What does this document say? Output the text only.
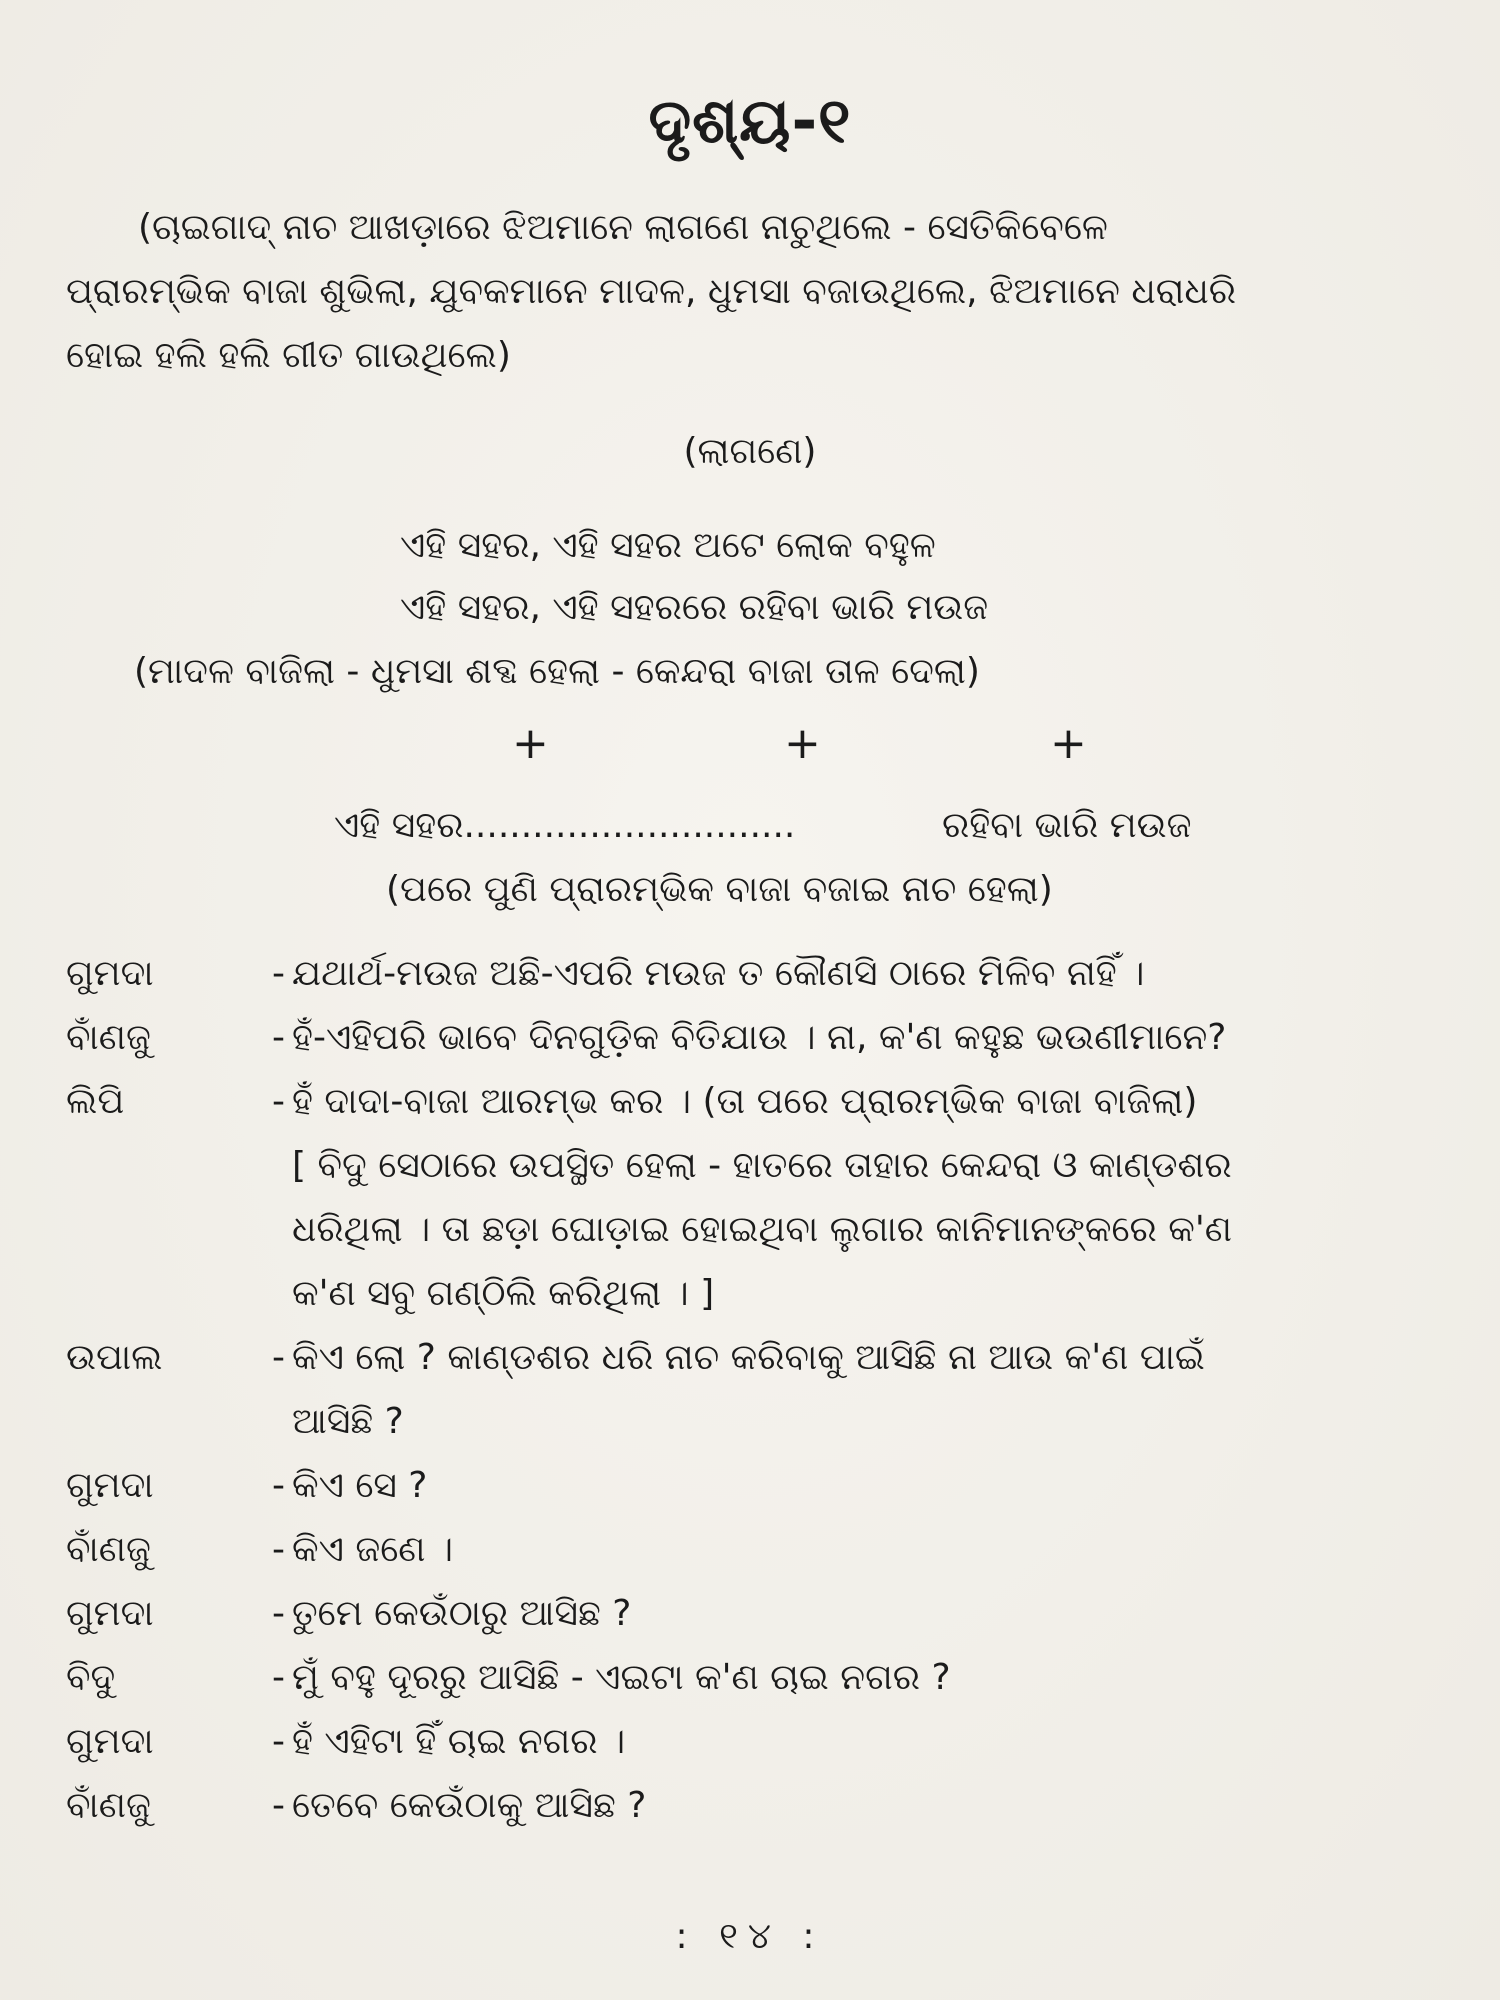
ଦୃଶ୍ୟ-୧
(ଚାଇଗାଦ୍ ନାଚ ଆଖଡ଼ାରେ ଝିଅମାନେ ଲାଗଣେ ନାଚୁଥିଲେ - ସେତିକିବେଳେ
ପ୍ରାରମ୍ଭିକ ବାଜା ଶୁଭିଲା, ଯୁବକମାନେ ମାଦଳ, ଧୁମସା ବଜାଉଥିଲେ, ଝିଅମାନେ ଧରାଧରି
ହୋଇ ହଲି ହଲି ଗୀତ ଗାଉଥିଲେ)
(ଲାଗଣେ)
ଏହି ସହର, ଏହି ସହର ଅଟେ ଲୋକ ବହୁଳ
ଏହି ସହର, ଏହି ସହରରେ ରହିବା ଭାରି ମଉଜ
(ମାଦଳ ବାଜିଲା - ଧୁମସା ଶବ୍ଦ ହେଲା - କେନ୍ଦରା ବାଜା ତାଳ ଦେଲା)
+	+	+
ଏହି ସହର.............................	ରହିବା ଭାରି ମଉଜ
(ପରେ ପୁଣି ପ୍ରାରମ୍ଭିକ ବାଜା ବଜାଇ ନାଚ ହେଲା)
ଗୁମଦା	- ଯଥାର୍ଥ-ମଉଜ ଅଛି-ଏପରି ମଉଜ ତ କୌଣସି ଠାରେ ମିଳିବ ନାହିଁ ।
ବାଁଣଜୁ	- ହଁ-ଏହିପରି ଭାବେ ଦିନଗୁଡ଼ିକ ବିତିଯାଉ । ନା, କ'ଣ କହୁଛ ଭଉଣୀମାନେ?
ଲିପି	- ହଁ ଦାଦା-ବାଜା ଆରମ୍ଭ କର । (ତା ପରେ ପ୍ରାରମ୍ଭିକ ବାଜା ବାଜିଲା)
[ ବିଦୁ ସେଠାରେ ଉପସ୍ଥିତ ହେଲା - ହାତରେ ତାହାର କେନ୍ଦରା ଓ କାଣ୍ଡଶର
ଧରିଥିଲା । ତା ଛଡ଼ା ଘୋଡ଼ାଇ ହୋଇଥିବା ଲୁଗାର କାନିମାନଙ୍କରେ କ'ଣ
କ'ଣ ସବୁ ଗଣ୍ଠିଲି କରିଥିଲା । ]
ଉପାଲ	- କିଏ ଲୋ ? କାଣ୍ଡଶର ଧରି ନାଚ କରିବାକୁ ଆସିଛି ନା ଆଉ କ'ଣ ପାଇଁ
ଆସିଛି ?
ଗୁମଦା	- କିଏ ସେ ?
ବାଁଣଜୁ	- କିଏ ଜଣେ ।
ଗୁମଦା	- ତୁମେ କେଉଁଠାରୁ ଆସିଛ ?
ବିଦୁ	- ମୁଁ ବହୁ ଦୂରରୁ ଆସିଛି - ଏଇଟା କ'ଣ ଚାଇ ନଗର ?
ଗୁମଦା	- ହଁ ଏହିଟା ହିଁ ଚାଇ ନଗର ।
ବାଁଣଜୁ	- ତେବେ କେଉଁଠାକୁ ଆସିଛ ?
: ୧୪ :
